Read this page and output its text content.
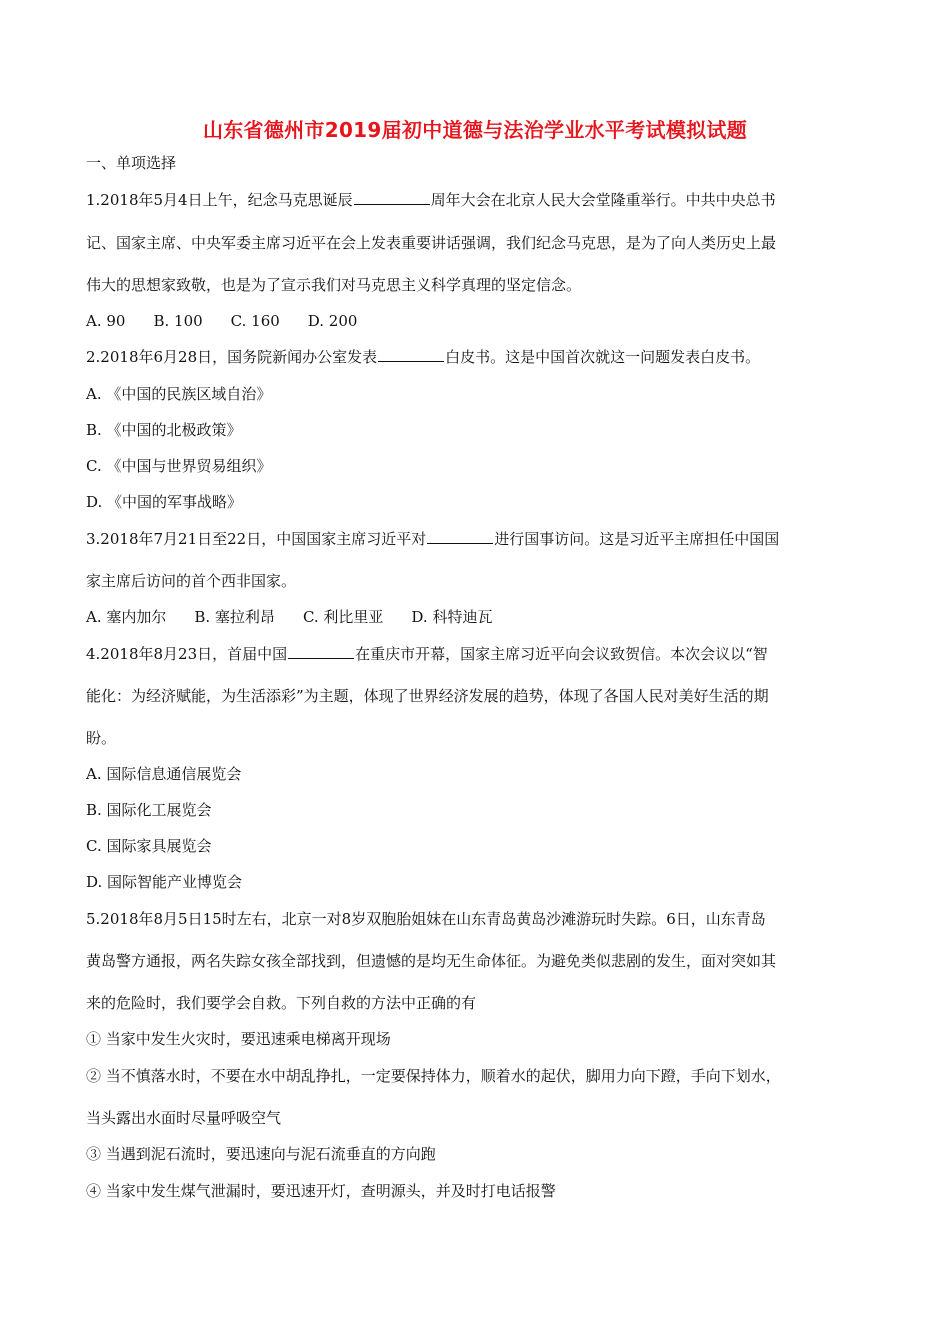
山东省德州市2019届初中道德与法治学业水平考试模拟试题
一、单项选择
1.2018年5月4日上午，纪念马克思诞辰	周年大会在北京人民大会堂隆重举行。中共中央总书
记、国家主席、中央军委主席习近平在会上发表重要讲话强调，我们纪念马克思，是为了向人类历史上最
伟大的思想家致敬，也是为了宣示我们对马克思主义科学真理的坚定信念。
A. 90 B. 100 C. 160 D. 200
2.2018年6月28日，国务院新闻办公室发表	白皮书。这是中国首次就这一问题发表白皮书。
A. 《中国的民族区域自治》
B. 《中国的北极政策》
C. 《中国与世界贸易组织》
D. 《中国的军事战略》
3.2018年7月21日至22日，中国国家主席习近平对	进行国事访问。这是习近平主席担任中国国
家主席后访问的首个西非国家。
A. 塞内加尔 B. 塞拉利昂 C. 利比里亚 D. 科特迪瓦
4.2018年8月23日，首届中国	在重庆市开幕，国家主席习近平向会议致贺信。本次会议以“智
能化：为经济赋能，为生活添彩”为主题，体现了世界经济发展的趋势，体现了各国人民对美好生活的期
盼。
A. 国际信息通信展览会
B. 国际化工展览会
C. 国际家具展览会
D. 国际智能产业博览会
5.2018年8月5日15时左右，北京一对8岁双胞胎姐妹在山东青岛黄岛沙滩游玩时失踪。6日，山东青岛
黄岛警方通报，两名失踪女孩全部找到，但遗憾的是均无生命体征。为避免类似悲剧的发生，面对突如其
来的危险时，我们要学会自救。下列自救的方法中正确的有
① 当家中发生火灾时，要迅速乘电梯离开现场
② 当不慎落水时，不要在水中胡乱挣扎，一定要保持体力，顺着水的起伏，脚用力向下蹬，手向下划水，
当头露出水面时尽量呼吸空气
③ 当遇到泥石流时，要迅速向与泥石流垂直的方向跑
④ 当家中发生煤气泄漏时，要迅速开灯，查明源头，并及时打电话报警
